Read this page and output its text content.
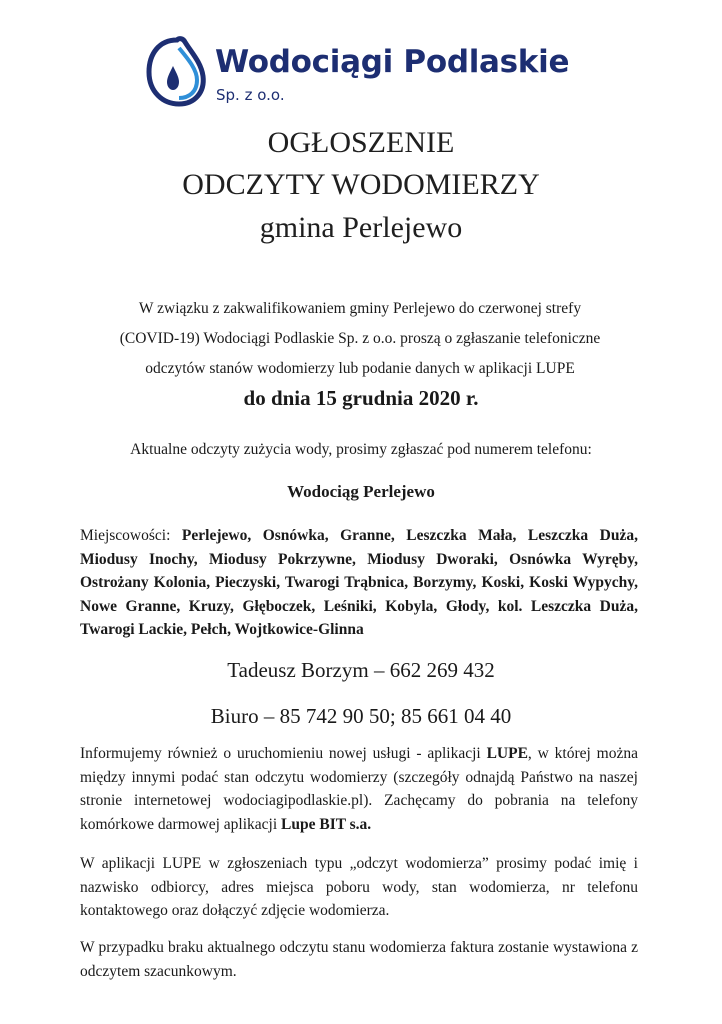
Wodociągi Podlaskie
Sp. z o.o.
OGŁOSZENIE
ODCZYTY WODOMIERZY
gmina Perlejewo
W związku z zakwalifikowaniem gminy Perlejewo do czerwonej strefy
(COVID-19) Wodociągi Podlaskie Sp. z o.o. proszą o zgłaszanie telefoniczne
odczytów stanów wodomierzy lub podanie danych w aplikacji LUPE
do dnia 15 grudnia 2020 r.
Aktualne odczyty zużycia wody, prosimy zgłaszać pod numerem telefonu:
Wodociąg Perlejewo
Miejscowości: Perlejewo, Osnówka, Granne, Leszczka Mała, Leszczka Duża, Miodusy Inochy, Miodusy Pokrzywne, Miodusy Dworaki, Osnówka Wyręby, Ostrożany Kolonia, Pieczyski, Twarogi Trąbnica, Borzymy, Koski, Koski Wypychy, Nowe Granne, Kruzy, Głęboczek, Leśniki, Kobyla, Głody, kol. Leszczka Duża, Twarogi Lackie, Pełch, Wojtkowice-Glinna
Tadeusz Borzym – 662 269 432
Biuro – 85 742 90 50; 85 661 04 40
Informujemy również o uruchomieniu nowej usługi - aplikacji LUPE, w której można między innymi podać stan odczytu wodomierzy (szczegóły odnajdą Państwo na naszej stronie internetowej wodociagipodlaskie.pl). Zachęcamy do pobrania na telefony komórkowe darmowej aplikacji Lupe BIT s.a.
W aplikacji LUPE w zgłoszeniach typu „odczyt wodomierza” prosimy podać imię i nazwisko odbiorcy, adres miejsca poboru wody, stan wodomierza, nr telefonu kontaktowego oraz dołączyć zdjęcie wodomierza.
W przypadku braku aktualnego odczytu stanu wodomierza faktura zostanie wystawiona z odczytem szacunkowym.
